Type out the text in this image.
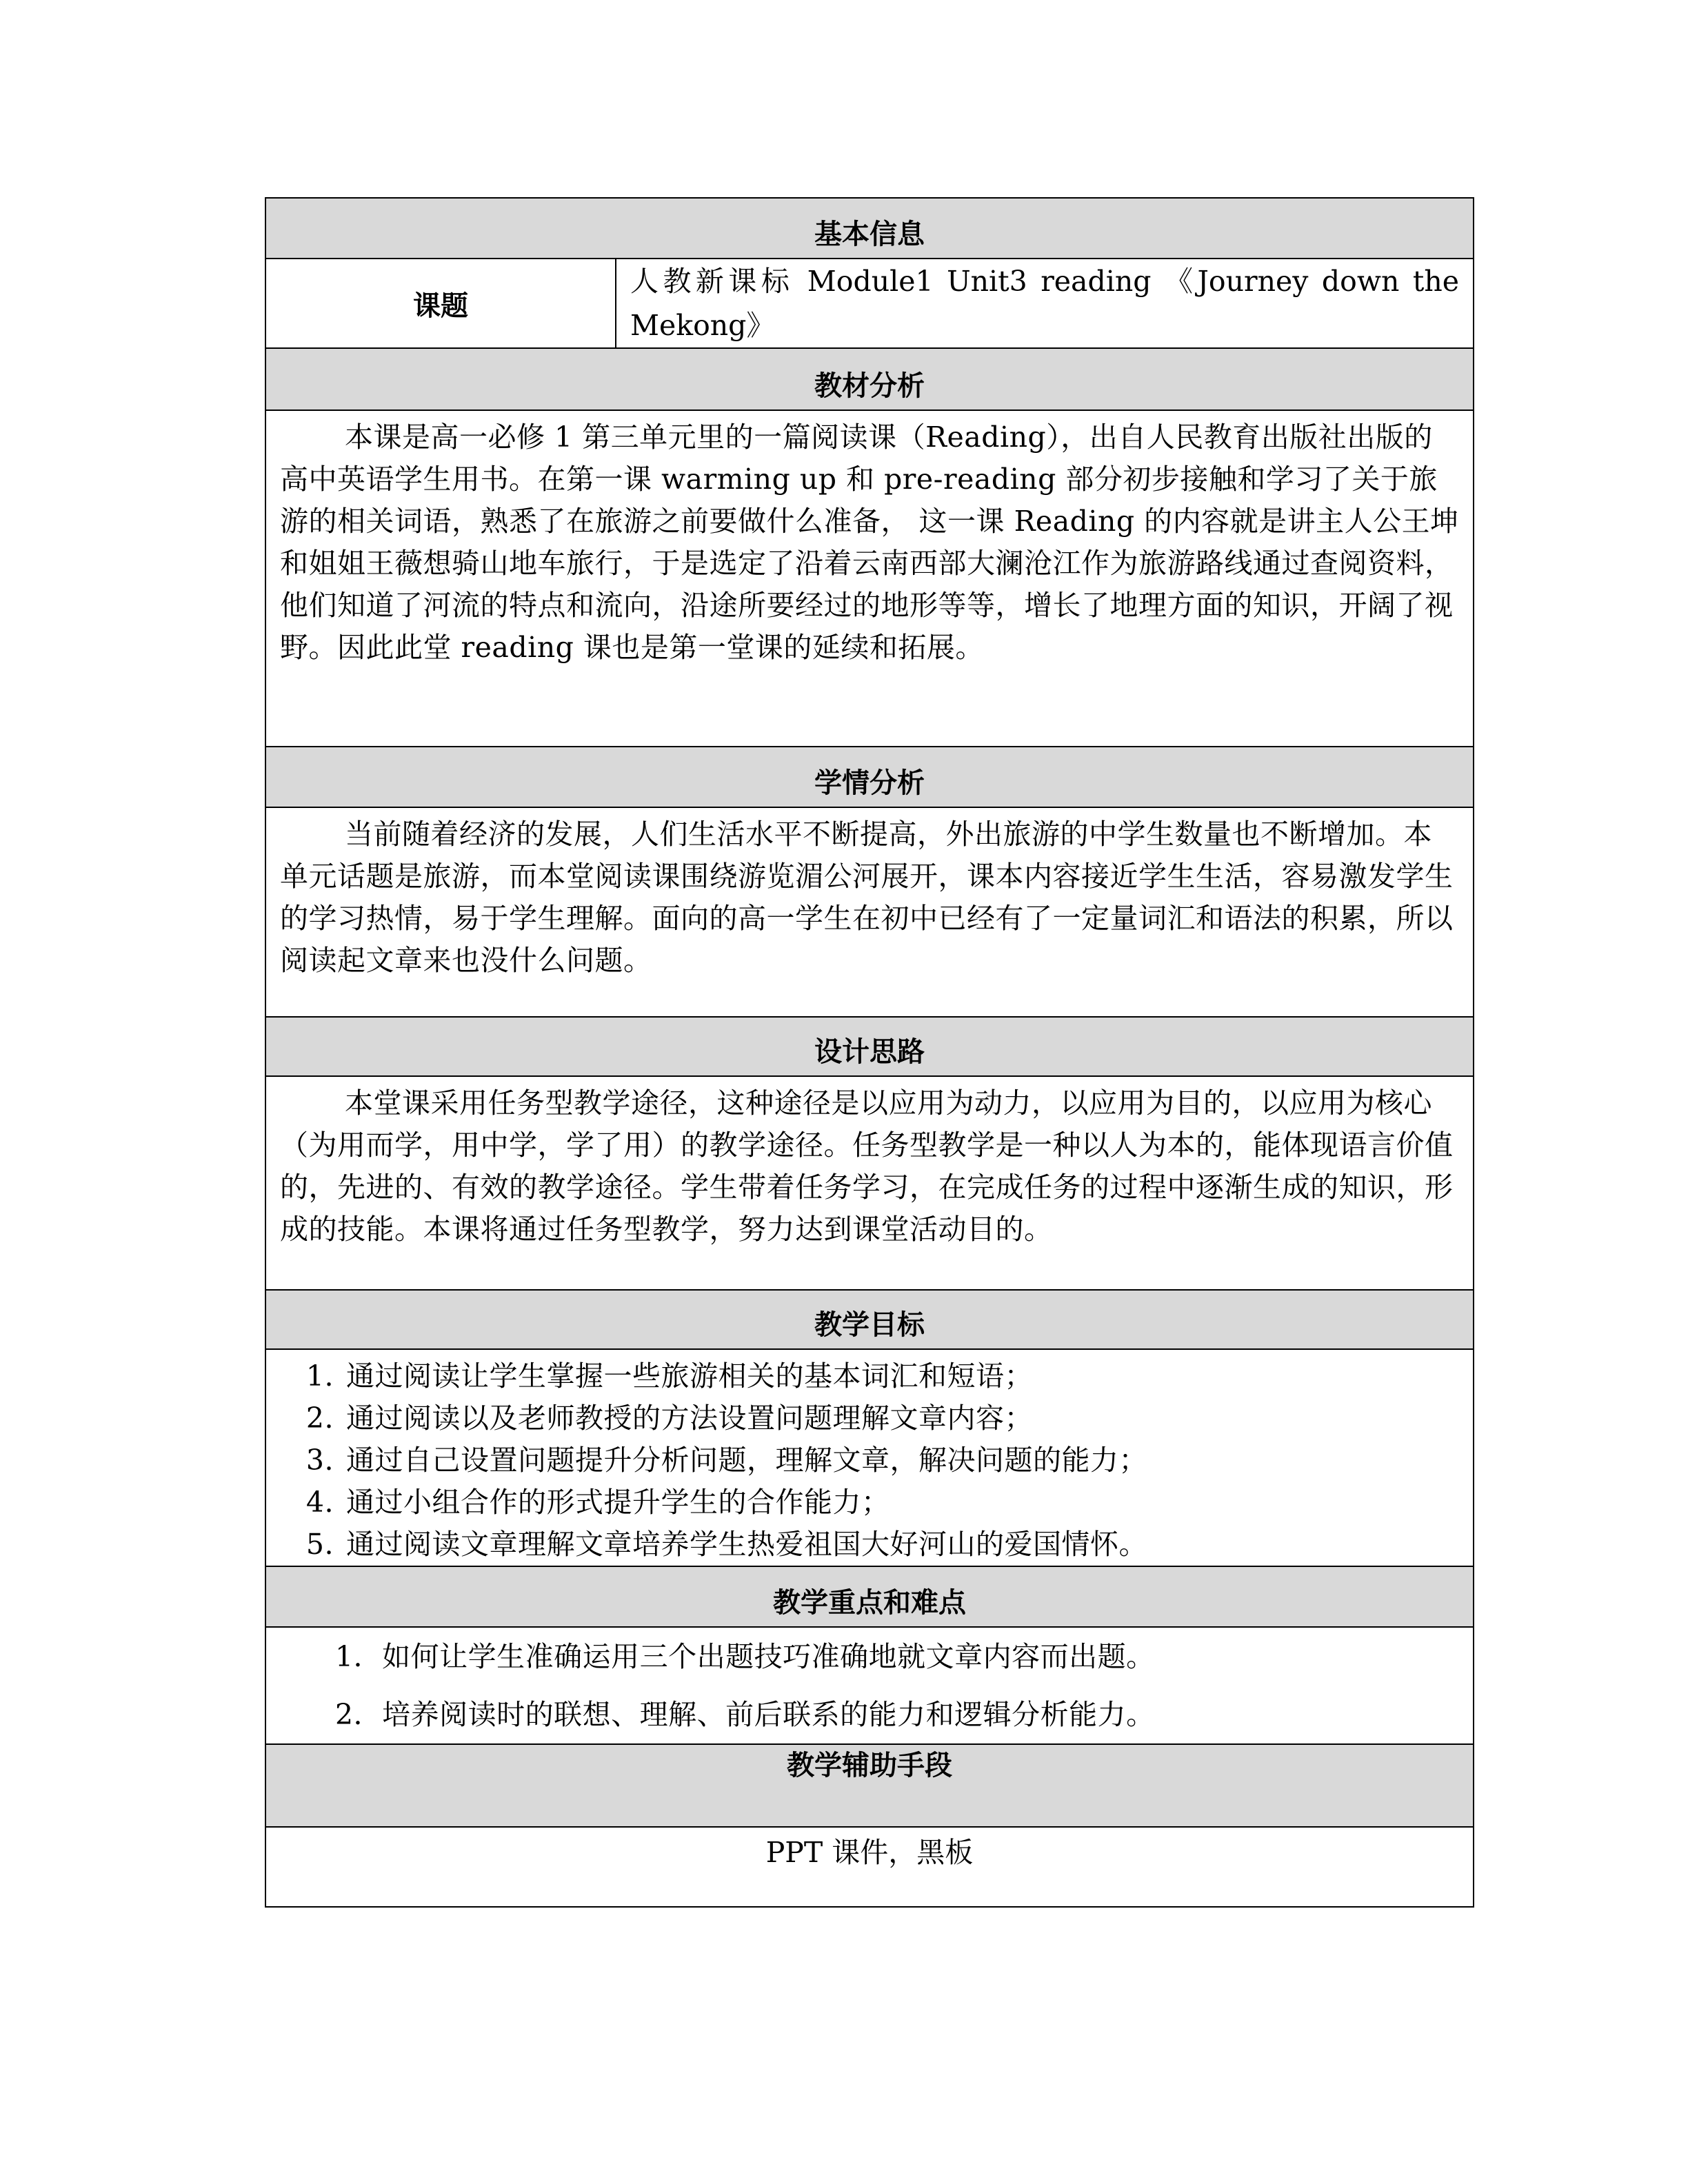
基本信息
课题	人教新课标 Module1 Unit3 reading 《Journey down the Mekong》
教材分析

本课是高一必修 1 第三单元里的一篇阅读课（Reading），出自人民教育出版社出版的高中英语学生用书。在第一课 warming up 和 pre-reading 部分初步接触和学习了关于旅游的相关词语，熟悉了在旅游之前要做什么准备， 这一课 Reading 的内容就是讲主人公王坤和姐姐王薇想骑山地车旅行，于是选定了沿着云南西部大澜沧江作为旅游路线通过查阅资料，他们知道了河流的特点和流向，沿途所要经过的地形等等，增长了地理方面的知识，开阔了视野。因此此堂 reading 课也是第一堂课的延续和拓展。

学情分析

当前随着经济的发展，人们生活水平不断提高，外出旅游的中学生数量也不断增加。本单元话题是旅游，而本堂阅读课围绕游览湄公河展开，课本内容接近学生生活，容易激发学生的学习热情，易于学生理解。面向的高一学生在初中已经有了一定量词汇和语法的积累，所以阅读起文章来也没什么问题。

设计思路

本堂课采用任务型教学途径，这种途径是以应用为动力，以应用为目的，以应用为核心（为用而学，用中学，学了用）的教学途径。任务型教学是一种以人为本的，能体现语言价值的，先进的、有效的教学途径。学生带着任务学习，在完成任务的过程中逐渐生成的知识，形成的技能。本课将通过任务型教学，努力达到课堂活动目的。

教学目标

1. 通过阅读让学生掌握一些旅游相关的基本词汇和短语；
2. 通过阅读以及老师教授的方法设置问题理解文章内容；
3. 通过自己设置问题提升分析问题，理解文章，解决问题的能力；
4. 通过小组合作的形式提升学生的合作能力；
5. 通过阅读文章理解文章培养学生热爱祖国大好河山的爱国情怀。

教学重点和难点

1．如何让学生准确运用三个出题技巧准确地就文章内容而出题。
2．培养阅读时的联想、理解、前后联系的能力和逻辑分析能力。

教学辅助手段
PPT 课件，黑板
